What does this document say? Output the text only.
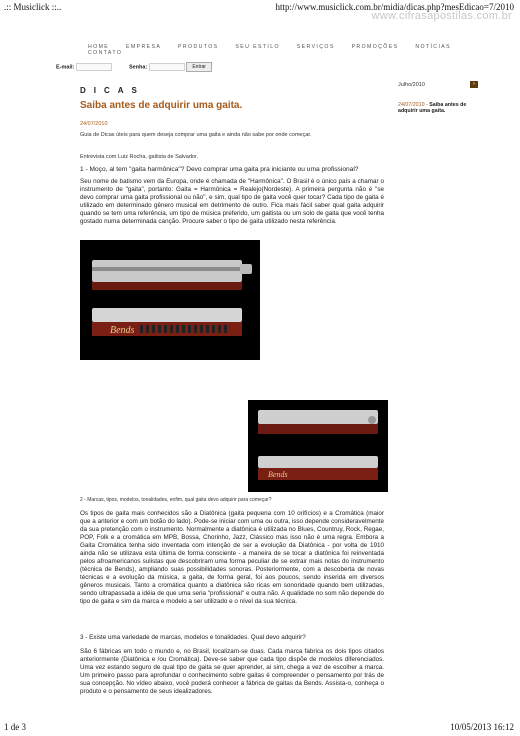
.:: Musiclick ::..	http://www.musiclick.com.br/midia/dicas.php?mesEdicao=7/2010
www.cifrasapostilas.com.br
HOME	EMPRESA	PRODUTOS	SEU ESTILO	SERVIÇOS	PROMOÇÕES	NOTÍCIAS CONTATO
E-mail:	Senha:	Entrar
DICAS
Saiba antes de adquirir uma gaita.
24/07/2010
Guia de Dicas úteis para quem deseja comprar uma gaita e ainda não sabe por onde começar.
Entrevista com Luiz Rocha, gaitista de Salvador.
1 - Moço, al tem "gaita harmônica"? Devo comprar uma gaita pra iniciante ou uma profissional?
Seu nome de batismo vem da Europa, onde é chamada de "Harmônica". O Brasil é o único país a chamar o instrumento de "gaita", portanto: Gaita = Harmônica = Realejo(Nordeste). A primeira pergunta não é "se devo comprar uma gaita profissional ou não", e sim, qual tipo de gaita você quer tocar? Cada tipo de gaita é utilizado em determinado gênero musical em detrimento de outro. Fica mais fácil saber qual gaita adquirir quando se tem uma referência, um tipo de música preferido, um gaitista ou um solo de gaita que você tenha gostado numa determinada canção. Procure saber o tipo de gaita utilizado nesta referência.
Bends
Bends
2 - Marcas, tipos, modelos, tonalidades, enfim, qual gaita devo adquirir para começar?
Os tipos de gaita mais conhecidos são a Diatônica (gaita pequena com 10 orifícios) e a Cromática (maior que a anterior e com um botão do lado). Pode-se iniciar com uma ou outra, isso depende consideravelmente da sua pretenção com o instrumento. Normalmente a diatônica é utilizada no Blues, Countruy, Rock, Regae, POP, Folk e a cromática em MPB, Bossa, Chorinho, Jazz, Clássico mas isso não é uma regra. Embora a Gaita Cromática tenha sido inventada com intenção de ser a evolução da Diatônica - por volta de 1910 ainda não se utilizava esta última de forma consciente - a maneira de se tocar a diatônica foi reinventada pelos afroamericanos sulistas que descobriram uma forma peculiar de se extrair mais notas do instrumento (técnica de Bends), ampliando suas possibilidades sonoras. Posteriormente, com a descoberta de novas técnicas e a evolução da música, a gaita, de forma geral, foi aos poucos, sendo inserida em diversos gêneros musicais. Tanto a cromática quanto a diatônica são ricas em sonoridade quando bem utilizadas, sendo ultrapassada a idéia de que uma seria "profissional" e outra não. A qualidade no som não depende do tipo de gaita e sim da marca e modelo a ser utilizado e o nível da sua técnica.
3 - Existe uma variedade de marcas, modelos e tonalidades. Qual devo adquirir?
São 6 fábricas em todo o mundo e, no Brasil, localizam-se duas. Cada marca fabrica os dois tipos citados anteriormente (Diatônica e /ou Cromática). Deve-se saber que cada tipo dispõe de modelos diferenciados. Uma vez estando seguro de qual tipo de gaita se quer aprender, ai sim, chega a vez de escolher a marca. Um primeiro passo para aprofundar o conhecimento sobre gaitas é compreender o pensamento por trás de sua concepção. No vídeo abaixo, você poderá conhecer a fábrica de gaitas da Bends. Assista-o, conheça o produto e o pensamento de seus idealizadores.
Julho/2010	»
24/07/2010 - Saiba antes de adquirir uma gaita.
1 de 3	10/05/2013 16:12
